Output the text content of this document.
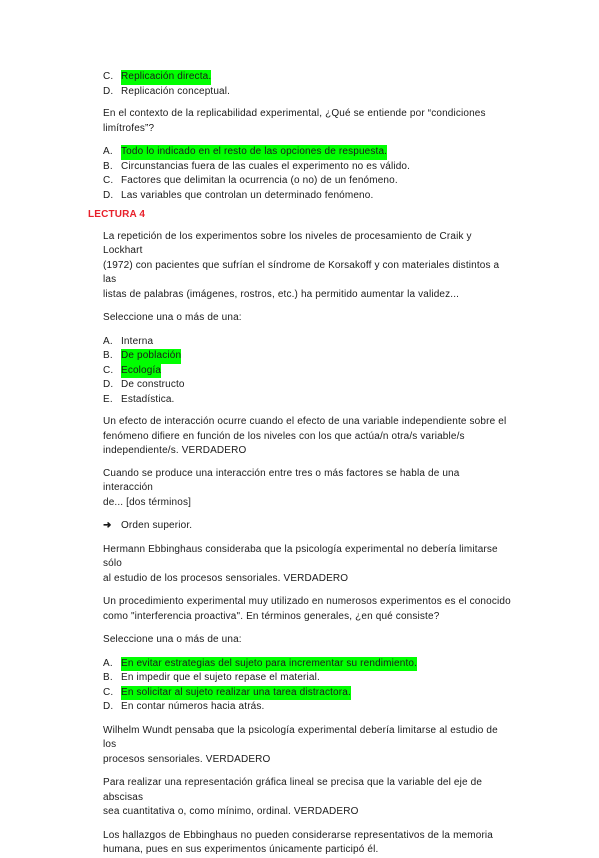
C. Replicación directa.
D. Replicación conceptual.
En el contexto de la replicabilidad experimental, ¿Qué se entiende por “condiciones
limítrofes”?
A. Todo lo indicado en el resto de las opciones de respuesta.
B. Circunstancias fuera de las cuales el experimento no es válido.
C. Factores que delimitan la ocurrencia (o no) de un fenómeno.
D. Las variables que controlan un determinado fenómeno.
LECTURA 4
La repetición de los experimentos sobre los niveles de procesamiento de Craik y Lockhart
(1972) con pacientes que sufrían el síndrome de Korsakoff y con materiales distintos a las
listas de palabras (imágenes, rostros, etc.) ha permitido aumentar la validez...
Seleccione una o más de una:
A. Interna
B. De población
C. Ecología
D. De constructo
E. Estadística.
Un efecto de interacción ocurre cuando el efecto de una variable independiente sobre el
fenómeno difiere en función de los niveles con los que actúa/n otra/s variable/s
independiente/s. VERDADERO
Cuando se produce una interacción entre tres o más factores se habla de una interacción
de... [dos términos]
➜ Orden superior.
Hermann Ebbinghaus consideraba que la psicología experimental no debería limitarse sólo
al estudio de los procesos sensoriales. VERDADERO
Un procedimiento experimental muy utilizado en numerosos experimentos es el conocido
como "interferencia proactiva". En términos generales, ¿en qué consiste?
Seleccione una o más de una:
A. En evitar estrategias del sujeto para incrementar su rendimiento.
B. En impedir que el sujeto repase el material.
C. En solicitar al sujeto realizar una tarea distractora.
D. En contar números hacia atrás.
Wilhelm Wundt pensaba que la psicología experimental debería limitarse al estudio de los
procesos sensoriales. VERDADERO
Para realizar una representación gráfica lineal se precisa que la variable del eje de abscisas
sea cuantitativa o, como mínimo, ordinal. VERDADERO
Los hallazgos de Ebbinghaus no pueden considerarse representativos de la memoria
humana, pues en sus experimentos únicamente participó él.
